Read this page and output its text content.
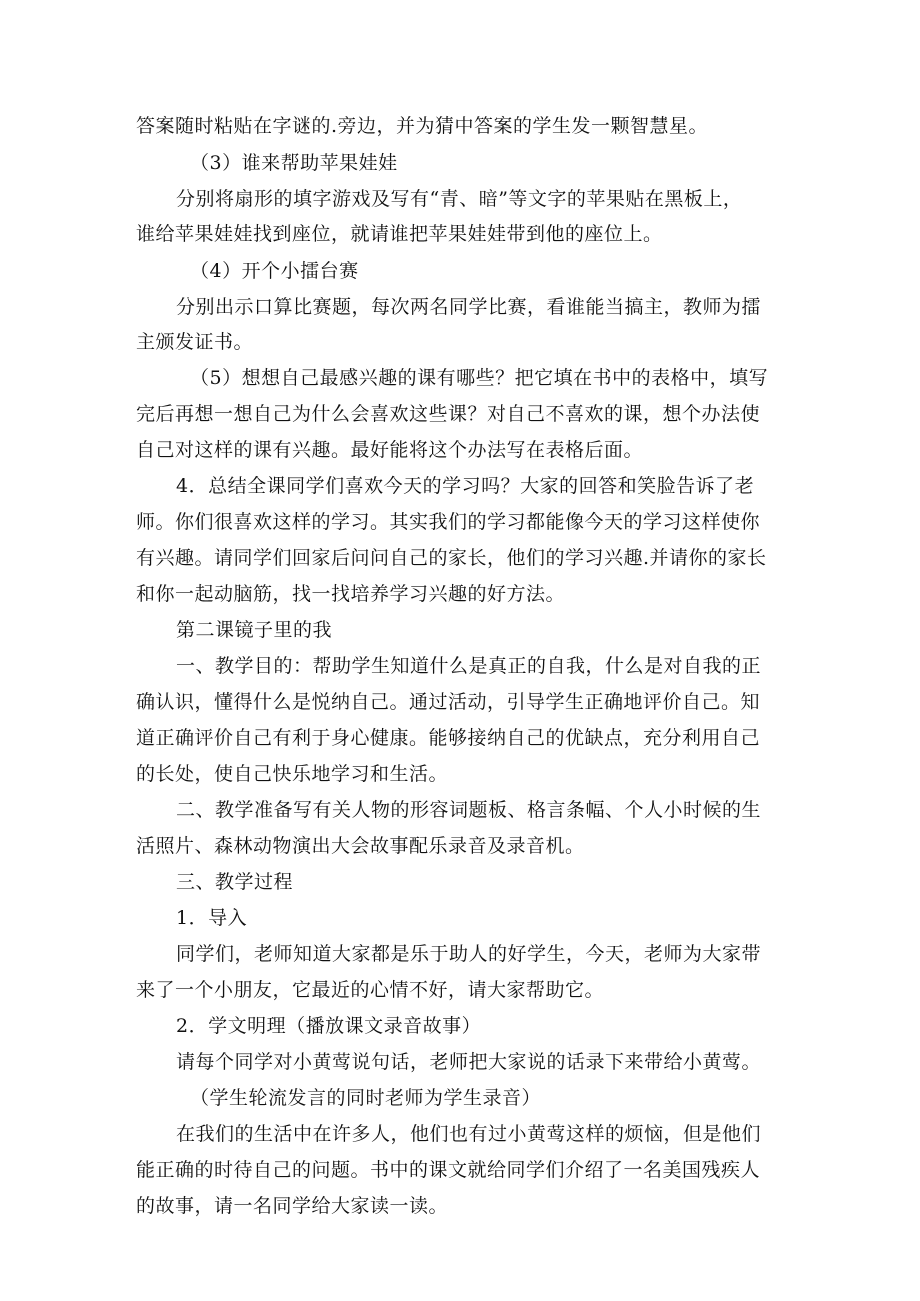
答案随时粘贴在字谜的.旁边，并为猜中答案的学生发一颗智慧星。
（3）谁来帮助苹果娃娃
分别将扇形的填字游戏及写有“青、暗”等文字的苹果贴在黑板上，
谁给苹果娃娃找到座位，就请谁把苹果娃娃带到他的座位上。
（4）开个小擂台赛
分别出示口算比赛题，每次两名同学比赛，看谁能当搞主，教师为擂
主颁发证书。
（5）想想自己最感兴趣的课有哪些？把它填在书中的表格中，填写
完后再想一想自己为什么会喜欢这些课？对自己不喜欢的课，想个办法使
自己对这样的课有兴趣。最好能将这个办法写在表格后面。
4．总结全课同学们喜欢今天的学习吗？大家的回答和笑脸告诉了老
师。你们很喜欢这样的学习。其实我们的学习都能像今天的学习这样使你
有兴趣。请同学们回家后问问自己的家长，他们的学习兴趣.并请你的家长
和你一起动脑筋，找一找培养学习兴趣的好方法。
第二课镜子里的我
一、教学目的：帮助学生知道什么是真正的自我，什么是对自我的正
确认识，懂得什么是悦纳自己。通过活动，引导学生正确地评价自己。知
道正确评价自己有利于身心健康。能够接纳自己的优缺点，充分利用自己
的长处，使自己快乐地学习和生活。
二、教学准备写有关人物的形容词题板、格言条幅、个人小时候的生
活照片、森林动物演出大会故事配乐录音及录音机。
三、教学过程
1．导入
同学们，老师知道大家都是乐于助人的好学生，今天，老师为大家带
来了一个小朋友，它最近的心情不好，请大家帮助它。
2．学文明理（播放课文录音故事）
请每个同学对小黄莺说句话，老师把大家说的话录下来带给小黄莺。
（学生轮流发言的同时老师为学生录音）
在我们的生活中在许多人，他们也有过小黄莺这样的烦恼，但是他们
能正确的时待自己的问题。书中的课文就给同学们介绍了一名美国残疾人
的故事，请一名同学给大家读一读。
